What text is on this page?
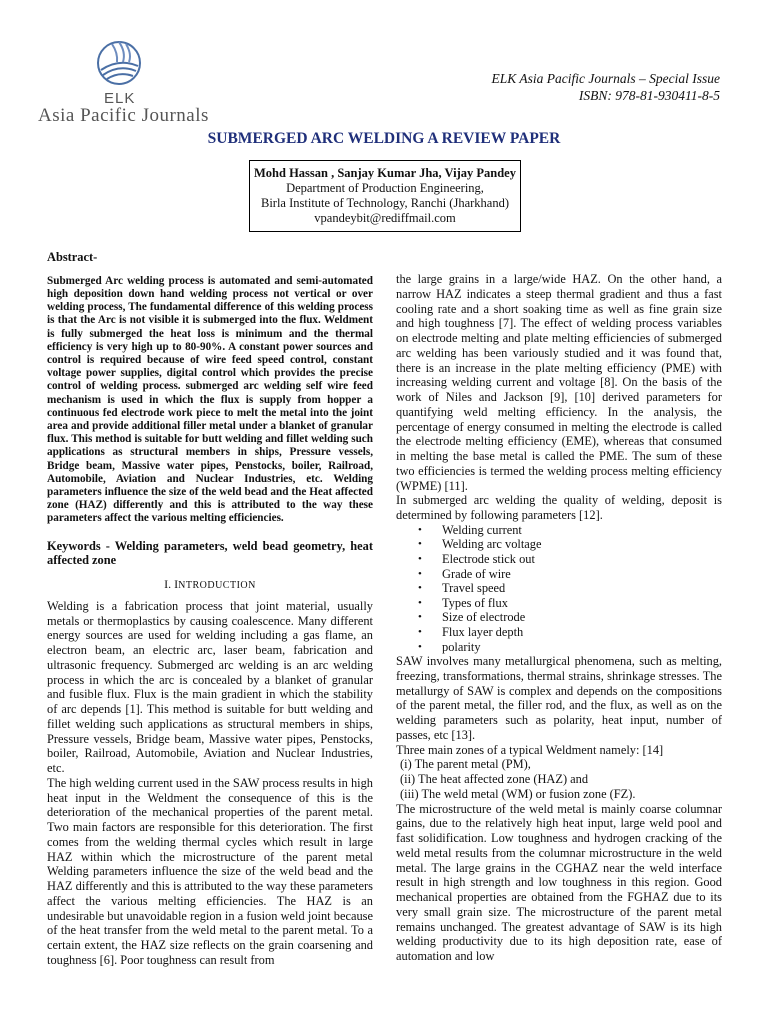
ELK
Asia Pacific Journals
ELK Asia Pacific Journals – Special Issue
ISBN: 978-81-930411-8-5
SUBMERGED ARC WELDING A REVIEW PAPER
Mohd Hassan , Sanjay Kumar Jha, Vijay Pandey
Department of Production Engineering,
Birla Institute of Technology, Ranchi (Jharkhand)
vpandeybit@rediffmail.com
Abstract-

Submerged Arc welding process is automated and semi-automated high deposition down hand welding process not vertical or over welding process, The fundamental difference of this welding process is that the Arc is not visible it is submerged into the flux. Weldment is fully submerged the heat loss is minimum and the thermal efficiency is very high up to 80-90%. A constant power sources and control is required because of wire feed speed control, constant voltage power supplies, digital control which provides the precise control of welding process. submerged arc welding self wire feed mechanism is used in which the flux is supply from hopper a continuous fed electrode work piece to melt the metal into the joint area and provide additional filler metal under a blanket of granular flux. This method is suitable for butt welding and fillet welding such applications as structural members in ships, Pressure vessels, Bridge beam, Massive water pipes, Penstocks, boiler, Railroad, Automobile, Aviation and Nuclear Industries, etc. Welding parameters influence the size of the weld bead and the Heat affected zone (HAZ) differently and this is attributed to the way these parameters affect the various melting efficiencies.

Keywords - Welding parameters, weld bead geometry, heat affected zone

I. INTRODUCTION

Welding is a fabrication process that joint material, usually metals or thermoplastics by causing coalescence. Many different energy sources are used for welding including a gas flame, an electron beam, an electric arc, laser beam, fabrication and ultrasonic frequency. Submerged arc welding is an arc welding process in which the arc is concealed by a blanket of granular and fusible flux. Flux is the main gradient in which the stability of arc depends [1]. This method is suitable for butt welding and fillet welding such applications as structural members in ships, Pressure vessels, Bridge beam, Massive water pipes, Penstocks, boiler, Railroad, Automobile, Aviation and Nuclear Industries, etc.

The high welding current used in the SAW process results in high heat input in the Weldment the consequence of this is the deterioration of the mechanical properties of the parent metal. Two main factors are responsible for this deterioration. The first comes from the welding thermal cycles which result in large HAZ within which the microstructure of the parent metal Welding parameters influence the size of the weld bead and the HAZ differently and this is attributed to the way these parameters affect the various melting efficiencies. The HAZ is an undesirable but unavoidable region in a fusion weld joint because of the heat transfer from the weld metal to the parent metal. To a certain extent, the HAZ size reflects on the grain coarsening and toughness [6]. Poor toughness can result from

the large grains in a large/wide HAZ. On the other hand, a narrow HAZ indicates a steep thermal gradient and thus a fast cooling rate and a short soaking time as well as fine grain size and high toughness [7]. The effect of welding process variables on electrode melting and plate melting efficiencies of submerged arc welding has been variously studied and it was found that, there is an increase in the plate melting efficiency (PME) with increasing welding current and voltage [8]. On the basis of the work of Niles and Jackson [9], [10] derived parameters for quantifying weld melting efficiency. In the analysis, the percentage of energy consumed in melting the electrode is called the electrode melting efficiency (EME), whereas that consumed in melting the base metal is called the PME. The sum of these two efficiencies is termed the welding process melting efficiency (WPME) [11].

In submerged arc welding the quality of welding, deposit is determined by following parameters [12].

• Welding current
• Welding arc voltage
• Electrode stick out
• Grade of wire
• Travel speed
• Types of flux
• Size of electrode
• Flux layer depth
• polarity

SAW involves many metallurgical phenomena, such as melting, freezing, transformations, thermal strains, shrinkage stresses. The metallurgy of SAW is complex and depends on the compositions of the parent metal, the filler rod, and the flux, as well as on the welding parameters such as polarity, heat input, number of passes, etc [13].

Three main zones of a typical Weldment namely: [14]

(i) The parent metal (PM),
(ii) The heat affected zone (HAZ) and
(iii) The weld metal (WM) or fusion zone (FZ).

The microstructure of the weld metal is mainly coarse columnar gains, due to the relatively high heat input, large weld pool and fast solidification. Low toughness and hydrogen cracking of the weld metal results from the columnar microstructure in the weld metal. The large grains in the CGHAZ near the weld interface result in high strength and low toughness in this region. Good mechanical properties are obtained from the FGHAZ due to its very small grain size. The microstructure of the parent metal remains unchanged. The greatest advantage of SAW is its high welding productivity due to its high deposition rate, ease of automation and low
